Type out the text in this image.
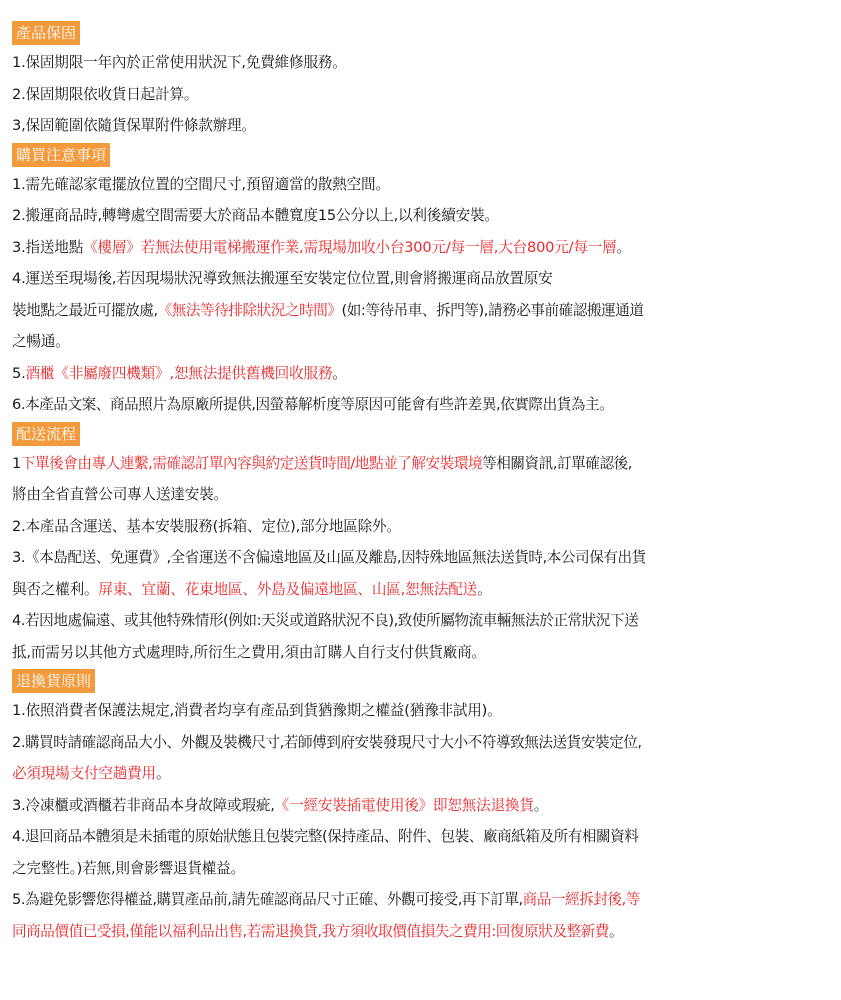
產品保固
1.保固期限一年內於正常使用狀況下,免費維修服務。
2.保固期限依收貨日起計算。
3,保固範圍依隨貨保單附件條款辦理。
購買注意事項
1.需先確認家電擺放位置的空間尺寸,預留適當的散熱空間。
2.搬運商品時,轉彎處空間需要大於商品本體寬度15公分以上,以利後續安裝。
3.指送地點《樓層》若無法使用電梯搬運作業,需現場加收小台300元/每一層,大台800元/每一層。
4.運送至現場後,若因現場狀況導致無法搬運至安裝定位位置,則會將搬運商品放置原安
裝地點之最近可擺放處,《無法等待排除狀況之時間》(如:等待吊車、拆門等),請務必事前確認搬運通道
之暢通。
5.酒櫃《非屬廢四機類》,恕無法提供舊機回收服務。
6.本產品文案、商品照片為原廠所提供,因螢幕解析度等原因可能會有些許差異,依實際出貨為主。
配送流程
1下單後會由專人連繫,需確認訂單內容與約定送貨時間/地點並了解安裝環境等相關資訊,訂單確認後,
將由全省直營公司專人送達安裝。
2.本產品含運送、基本安裝服務(拆箱、定位),部分地區除外。
3.《本島配送、免運費》,全省運送不含偏遠地區及山區及離島,因特殊地區無法送貨時,本公司保有出貨
與否之權利。屏東、宜蘭、花東地區、外島及偏遠地區、山區,恕無法配送。
4.若因地處偏遠、或其他特殊情形(例如:天災或道路狀況不良),致使所屬物流車輛無法於正常狀況下送
抵,而需另以其他方式處理時,所衍生之費用,須由訂購人自行支付供貨廠商。
退換貨原則
1.依照消費者保護法規定,消費者均享有產品到貨猶豫期之權益(猶豫非試用)。
2.購買時請確認商品大小、外觀及裝機尺寸,若師傅到府安裝發現尺寸大小不符導致無法送貨安裝定位,
必須現場支付空趟費用。
3.冷凍櫃或酒櫃若非商品本身故障或瑕疵,《一經安裝插電使用後》即恕無法退換貨。
4.退回商品本體須是未插電的原始狀態且包裝完整(保持產品、附件、包裝、廠商紙箱及所有相關資料
之完整性。)若無,則會影響退貨權益。
5.為避免影響您得權益,購買產品前,請先確認商品尺寸正確、外觀可接受,再下訂單,商品一經拆封後,等
同商品價值已受損,僅能以福利品出售,若需退換貨,我方須收取價值損失之費用:回復原狀及整新費。
